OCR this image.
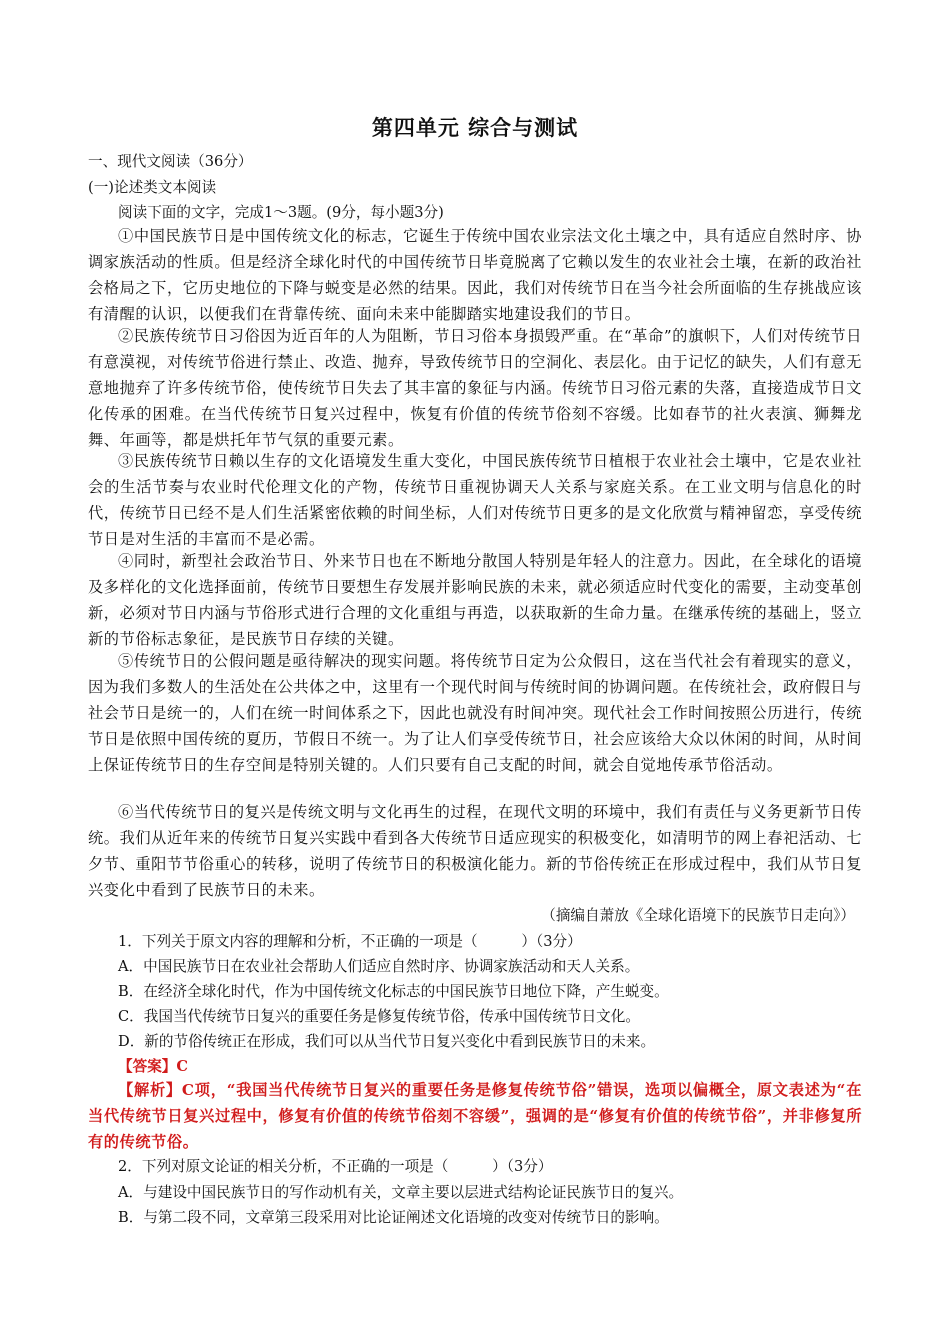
第四单元 综合与测试
一、现代文阅读（36分）
(一)论述类文本阅读
阅读下面的文字，完成1～3题。(9分，每小题3分)
①中国民族节日是中国传统文化的标志，它诞生于传统中国农业宗法文化土壤之中，具有适应自然时序、协调家族活动的性质。但是经济全球化时代的中国传统节日毕竟脱离了它赖以发生的农业社会土壤，在新的政治社会格局之下，它历史地位的下降与蜕变是必然的结果。因此，我们对传统节日在当今社会所面临的生存挑战应该有清醒的认识，以便我们在背靠传统、面向未来中能脚踏实地建设我们的节日。
②民族传统节日习俗因为近百年的人为阻断，节日习俗本身损毁严重。在“革命”的旗帜下，人们对传统节日有意漠视，对传统节俗进行禁止、改造、抛弃，导致传统节日的空洞化、表层化。由于记忆的缺失，人们有意无意地抛弃了许多传统节俗，使传统节日失去了其丰富的象征与内涵。传统节日习俗元素的失落，直接造成节日文化传承的困难。在当代传统节日复兴过程中，恢复有价值的传统节俗刻不容缓。比如春节的社火表演、狮舞龙舞、年画等，都是烘托年节气氛的重要元素。
③民族传统节日赖以生存的文化语境发生重大变化，中国民族传统节日植根于农业社会土壤中，它是农业社会的生活节奏与农业时代伦理文化的产物，传统节日重视协调天人关系与家庭关系。在工业文明与信息化的时代，传统节日已经不是人们生活紧密依赖的时间坐标，人们对传统节日更多的是文化欣赏与精神留恋，享受传统节日是对生活的丰富而不是必需。
④同时，新型社会政治节日、外来节日也在不断地分散国人特别是年轻人的注意力。因此，在全球化的语境及多样化的文化选择面前，传统节日要想生存发展并影响民族的未来，就必须适应时代变化的需要，主动变革创新，必须对节日内涵与节俗形式进行合理的文化重组与再造，以获取新的生命力量。在继承传统的基础上，竖立新的节俗标志象征，是民族节日存续的关键。
⑤传统节日的公假问题是亟待解决的现实问题。将传统节日定为公众假日，这在当代社会有着现实的意义，因为我们多数人的生活处在公共体之中，这里有一个现代时间与传统时间的协调问题。在传统社会，政府假日与社会节日是统一的，人们在统一时间体系之下，因此也就没有时间冲突。现代社会工作时间按照公历进行，传统节日是依照中国传统的夏历，节假日不统一。为了让人们享受传统节日，社会应该给大众以休闲的时间，从时间上保证传统节日的生存空间是特别关键的。人们只要有自己支配的时间，就会自觉地传承节俗活动。
⑥当代传统节日的复兴是传统文明与文化再生的过程，在现代文明的环境中，我们有责任与义务更新节日传统。我们从近年来的传统节日复兴实践中看到各大传统节日适应现实的积极变化，如清明节的网上春祀活动、七夕节、重阳节节俗重心的转移，说明了传统节日的积极演化能力。新的节俗传统正在形成过程中，我们从节日复兴变化中看到了民族节日的未来。
（摘编自萧放《全球化语境下的民族节日走向》）
1．下列关于原文内容的理解和分析，不正确的一项是（　　　）（3分）
A．中国民族节日在农业社会帮助人们适应自然时序、协调家族活动和天人关系。
B．在经济全球化时代，作为中国传统文化标志的中国民族节日地位下降，产生蜕变。
C．我国当代传统节日复兴的重要任务是修复传统节俗，传承中国传统节日文化。
D．新的节俗传统正在形成，我们可以从当代节日复兴变化中看到民族节日的未来。
【答案】C
【解析】C项，“我国当代传统节日复兴的重要任务是修复传统节俗”错误，选项以偏概全，原文表述为“在当代传统节日复兴过程中，修复有价值的传统节俗刻不容缓”，强调的是“修复有价值的传统节俗”，并非修复所有的传统节俗。
2．下列对原文论证的相关分析，不正确的一项是（　　　）（3分）
A．与建设中国民族节日的写作动机有关，文章主要以层进式结构论证民族节日的复兴。
B．与第二段不同，文章第三段采用对比论证阐述文化语境的改变对传统节日的影响。
